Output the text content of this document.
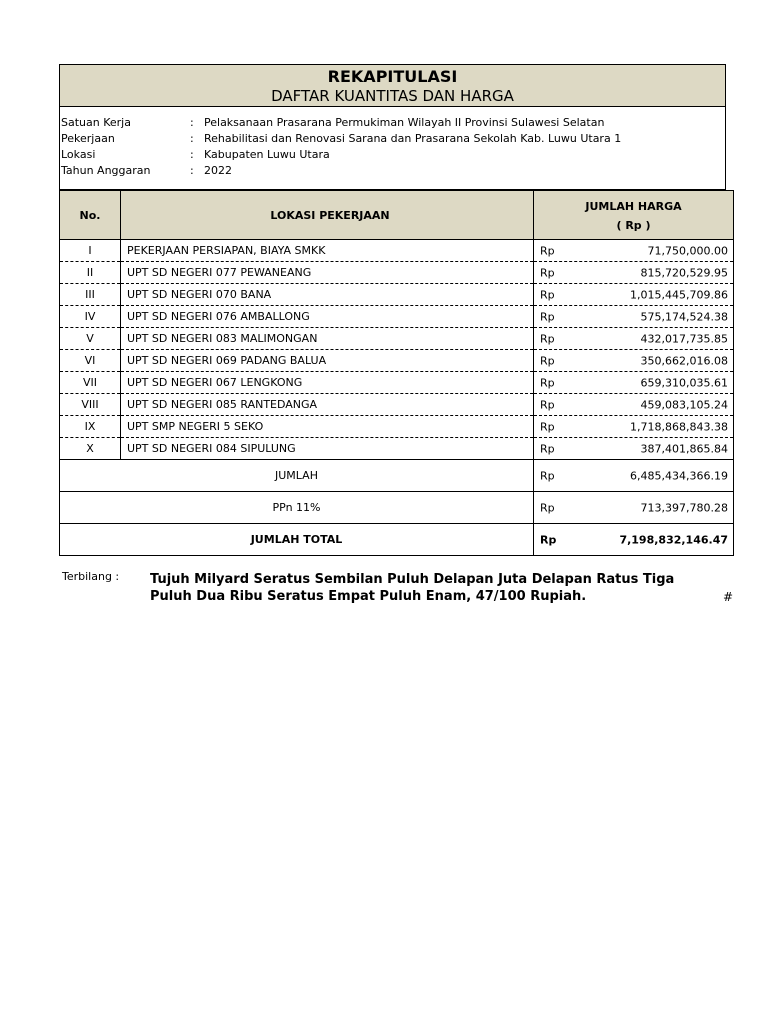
REKAPITULASI
DAFTAR KUANTITAS DAN HARGA
Satuan Kerja	: Pelaksanaan Prasarana Permukiman Wilayah II Provinsi Sulawesi Selatan
Pekerjaan	: Rehabilitasi dan Renovasi Sarana dan Prasarana Sekolah Kab. Luwu Utara 1
Lokasi	: Kabupaten Luwu Utara
Tahun Anggaran	: 2022
No.	LOKASI PEKERJAAN	JUMLAH HARGA
( Rp )

I	PEKERJAAN PERSIAPAN, BIAYA SMKK	Rp 71,750,000.00

II	UPT SD NEGERI 077 PEWANEANG	Rp 815,720,529.95

III	UPT SD NEGERI 070 BANA	Rp 1,015,445,709.86

IV	UPT SD NEGERI 076 AMBALLONG	Rp 575,174,524.38

V	UPT SD NEGERI 083 MALIMONGAN	Rp 432,017,735.85

VI	UPT SD NEGERI 069 PADANG BALUA	Rp 350,662,016.08

VII	UPT SD NEGERI 067 LENGKONG	Rp 659,310,035.61

VIII	UPT SD NEGERI 085 RANTEDANGA	Rp 459,083,105.24

IX	UPT SMP NEGERI 5 SEKO	Rp 1,718,868,843.38

X	UPT SD NEGERI 084 SIPULUNG	Rp 387,401,865.84

JUMLAH		Rp 6,485,434,366.19

PPn 11%		Rp 713,397,780.28

JUMLAH TOTAL		Rp 7,198,832,146.47
Terbilang : Tujuh Milyard Seratus Sembilan Puluh Delapan Juta Delapan Ratus Tiga Puluh Dua Ribu Seratus Empat Puluh Enam, 47/100 Rupiah.	#
